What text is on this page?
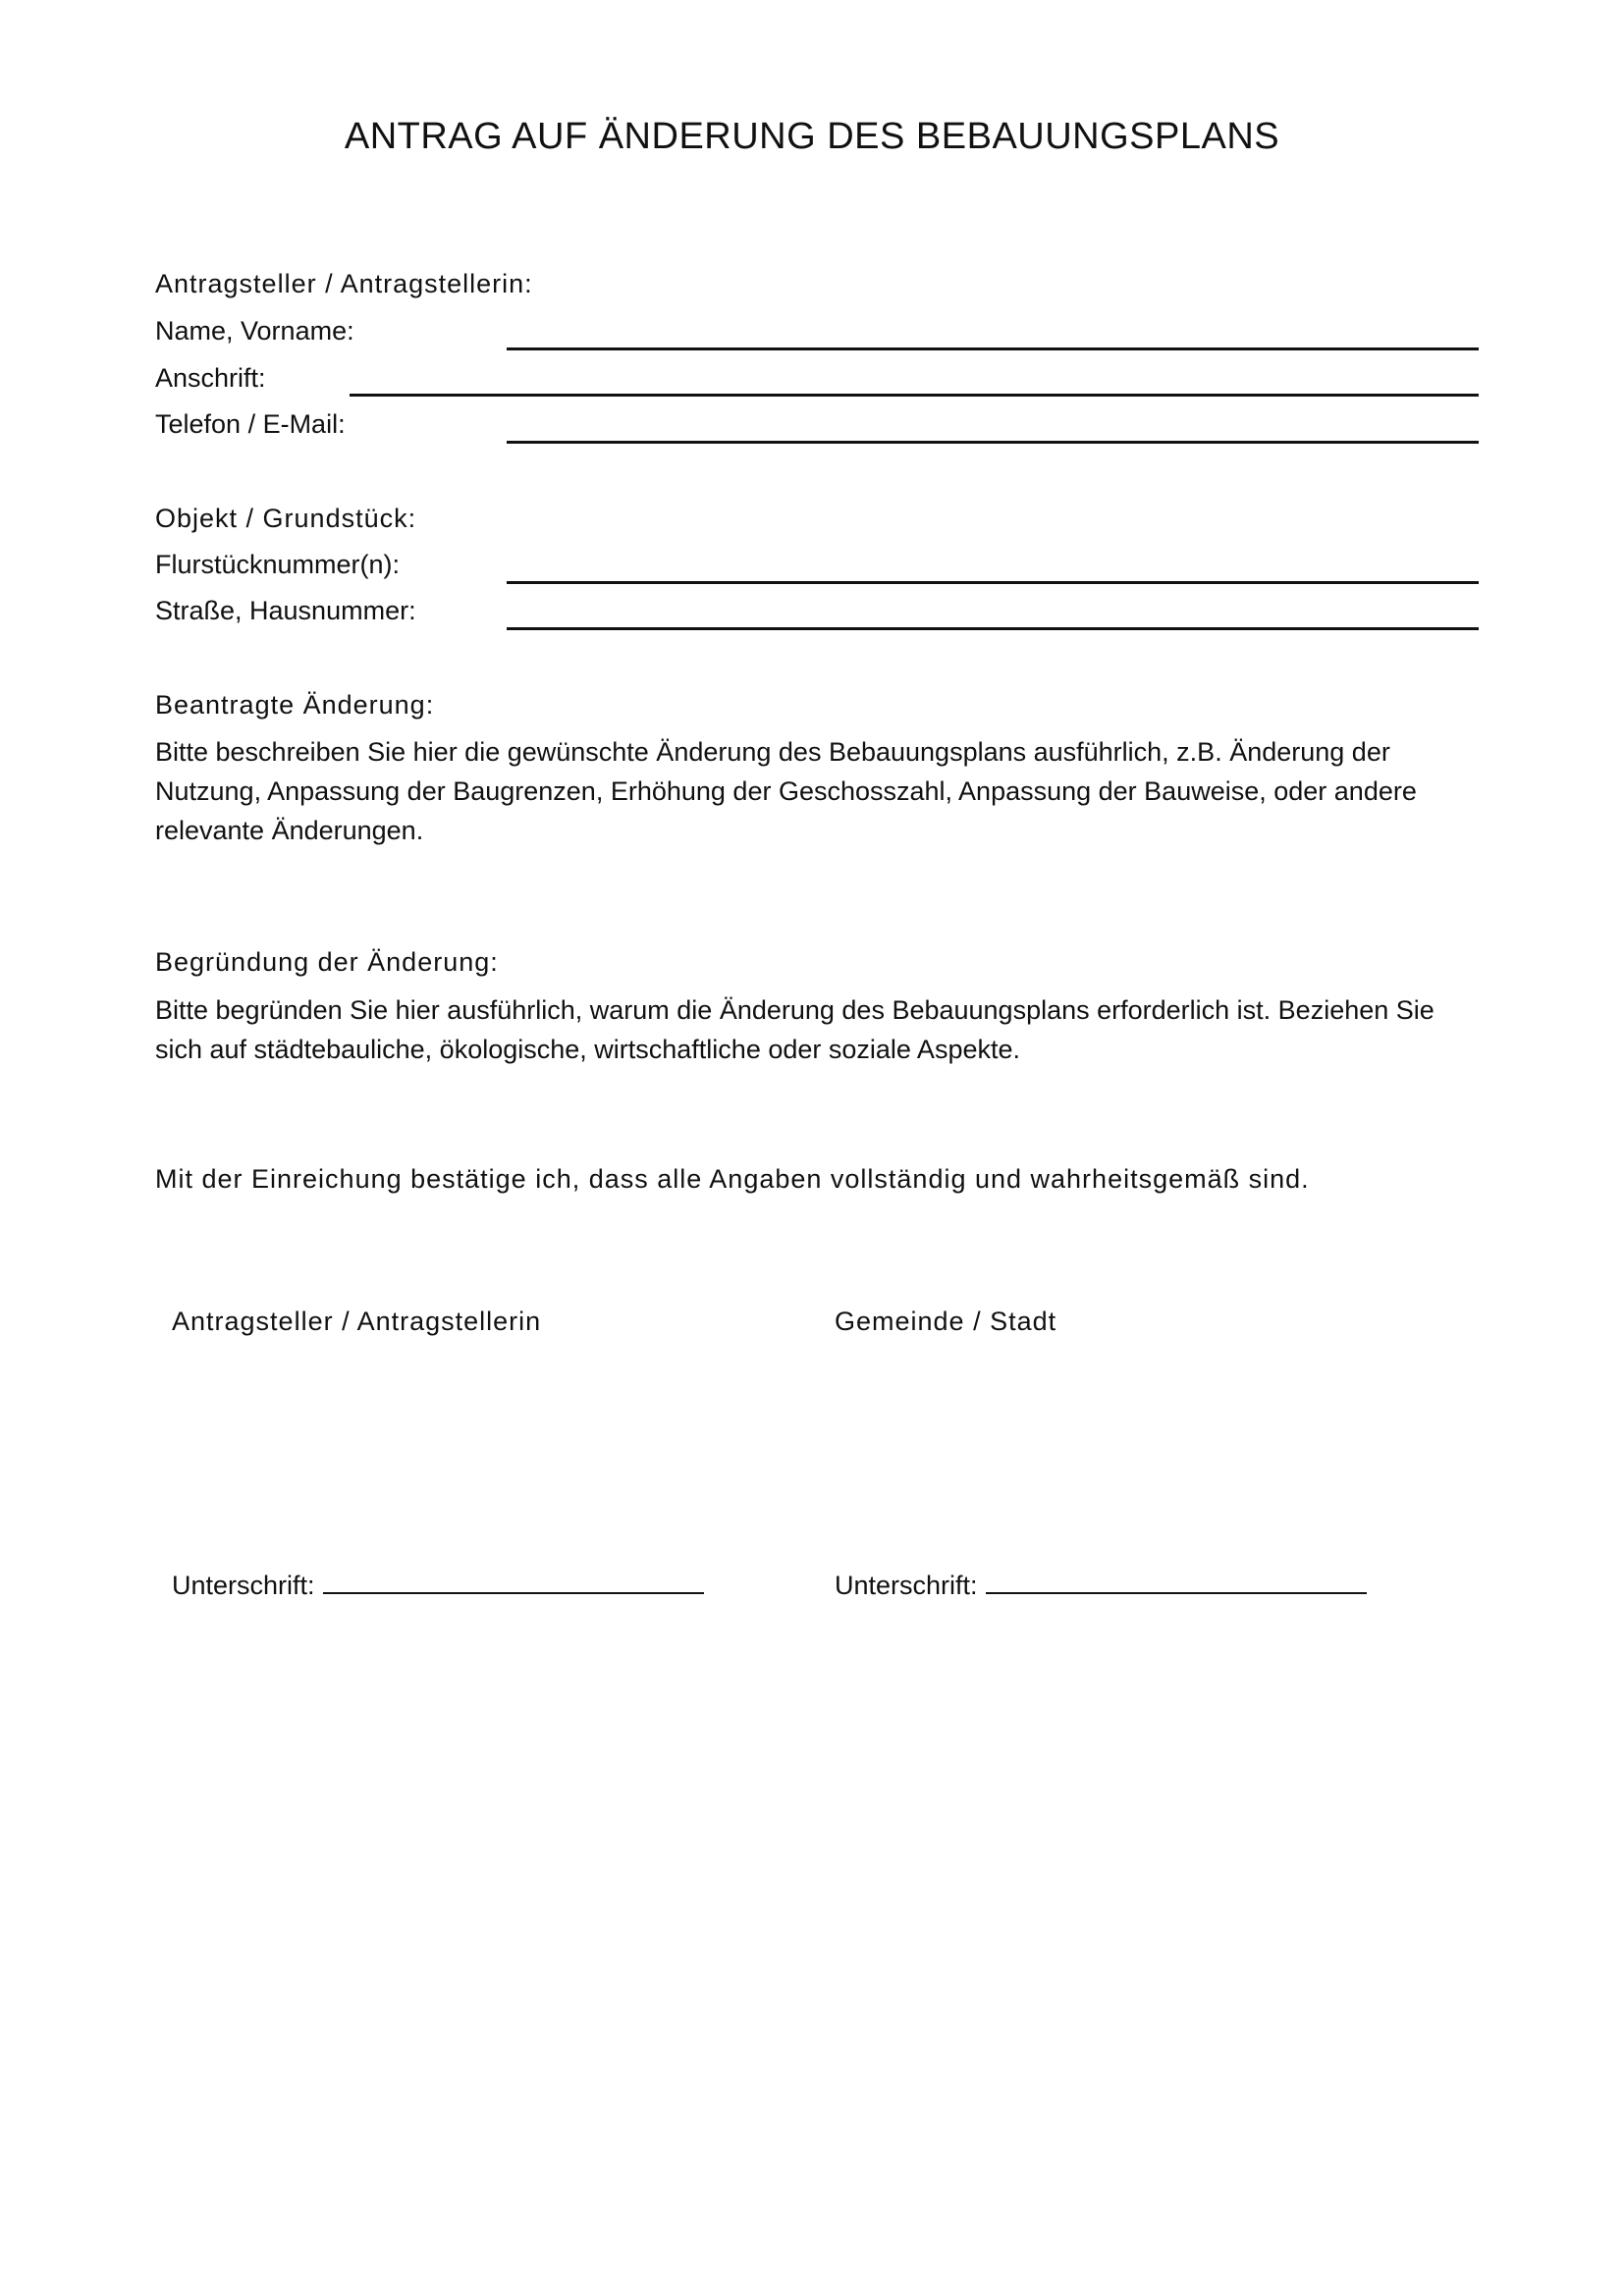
ANTRAG AUF ÄNDERUNG DES BEBAUUNGSPLANS
Antragsteller / Antragstellerin:
Name, Vorname:
Anschrift:
Telefon / E-Mail:
Objekt / Grundstück:
Flurstücknummer(n):
Straße, Hausnummer:
Beantragte Änderung:
Bitte beschreiben Sie hier die gewünschte Änderung des Bebauungsplans ausführlich, z.B. Änderung der Nutzung, Anpassung der Baugrenzen, Erhöhung der Geschosszahl, Anpassung der Bauweise, oder andere relevante Änderungen.
Begründung der Änderung:
Bitte begründen Sie hier ausführlich, warum die Änderung des Bebauungsplans erforderlich ist. Beziehen Sie sich auf städtebauliche, ökologische, wirtschaftliche oder soziale Aspekte.
Mit der Einreichung bestätige ich, dass alle Angaben vollständig und wahrheitsgemäß sind.
Antragsteller / Antragstellerin	Gemeinde / Stadt
Unterschrift:	Unterschrift:
